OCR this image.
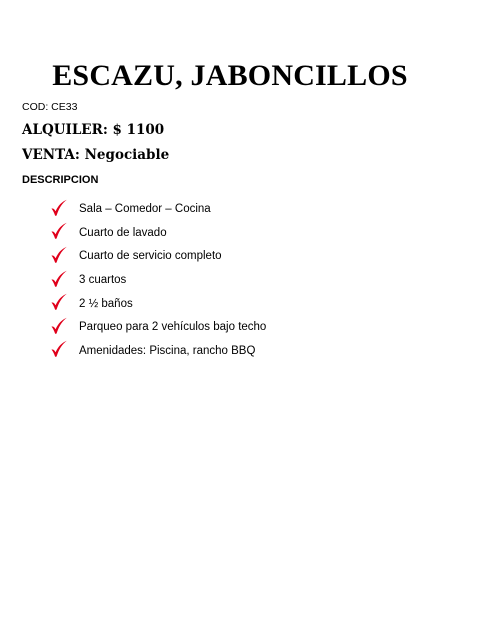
ESCAZU, JABONCILLOS
COD: CE33
ALQUILER: $ 1100
VENTA: Negociable
DESCRIPCION
Sala – Comedor – Cocina
Cuarto de lavado
Cuarto de servicio completo
3 cuartos
2 ½ baños
Parqueo para 2 vehículos bajo techo
Amenidades: Piscina, rancho BBQ
